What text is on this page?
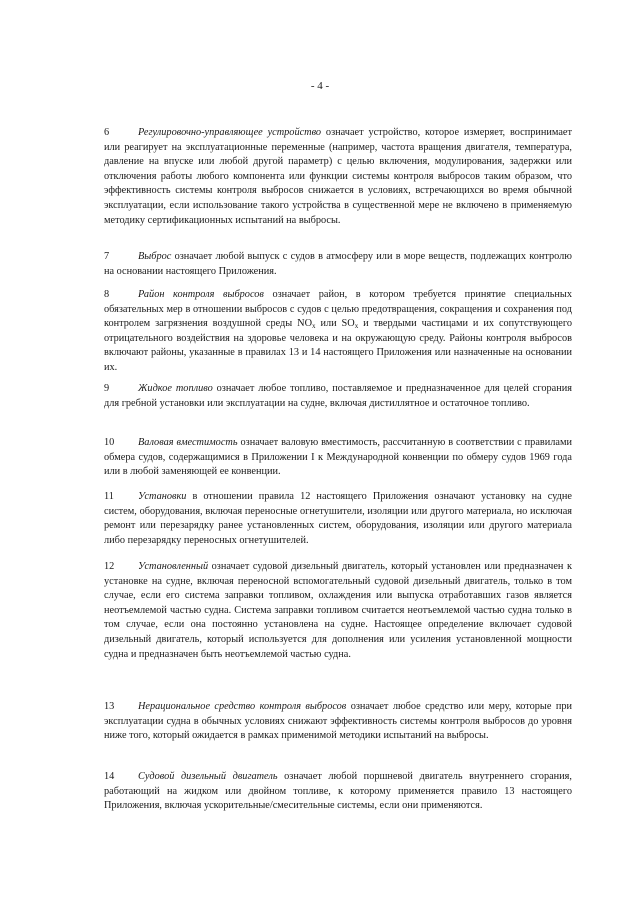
- 4 -

6	Регулировочно-управляющее устройство означает устройство, которое измеряет, воспринимает или реагирует на эксплуатационные переменные (например, частота вращения двигателя, температура, давление на впуске или любой другой параметр) с целью включения, модулирования, задержки или отключения работы любого компонента или функции системы контроля выбросов таким образом, что эффективность системы контроля выбросов снижается в условиях, встречающихся во время обычной эксплуатации, если использование такого устройства в существенной мере не включено в применяемую методику сертификационных испытаний на выбросы.

7	Выброс означает любой выпуск с судов в атмосферу или в море веществ, подлежащих контролю на основании настоящего Приложения.

8	Район контроля выбросов означает район, в котором требуется принятие специальных обязательных мер в отношении выбросов с судов с целью предотвращения, сокращения и сохранения под контролем загрязнения воздушной среды $NO_x$ или $SO_x$ и твердыми частицами и их сопутствующего отрицательного воздействия на здоровье человека и на окружающую среду. Районы контроля выбросов включают районы, указанные в правилах 13 и 14 настоящего Приложения или назначенные на основании их.

9	Жидкое топливо означает любое топливо, поставляемое и предназначенное для целей сгорания для гребной установки или эксплуатации на судне, включая дистиллятное и остаточное топливо.

10 Валовая вместимость означает валовую вместимость, рассчитанную в соответствии с правилами обмера судов, содержащимися в Приложении I к Международной конвенции по обмеру судов 1969 года или в любой заменяющей ее конвенции.

11 Установки в отношении правила 12 настоящего Приложения означают установку на судне систем, оборудования, включая переносные огнетушители, изоляции или другого материала, но исключая ремонт или перезарядку ранее установленных систем, оборудования, изоляции или другого материала либо перезарядку переносных огнетушителей.

12 Установленный означает судовой дизельный двигатель, который установлен или предназначен к установке на судне, включая переносной вспомогательный судовой дизельный двигатель, только в том случае, если его система заправки топливом, охлаждения или выпуска отработавших газов является неотъемлемой частью судна. Система заправки топливом считается неотъемлемой частью судна только в том случае, если она постоянно установлена на судне. Настоящее определение включает судовой дизельный двигатель, который используется для дополнения или усиления установленной мощности судна и предназначен быть неотъемлемой частью судна.

13 Нерациональное средство контроля выбросов означает любое средство или меру, которые при эксплуатации судна в обычных условиях снижают эффективность системы контроля выбросов до уровня ниже того, который ожидается в рамках применимой методики испытаний на выбросы.

14 Судовой дизельный двигатель означает любой поршневой двигатель внутреннего сгорания, работающий на жидком или двойном топливе, к которому применяется правило 13 настоящего Приложения, включая ускорительные/смесительные системы, если они применяются.
